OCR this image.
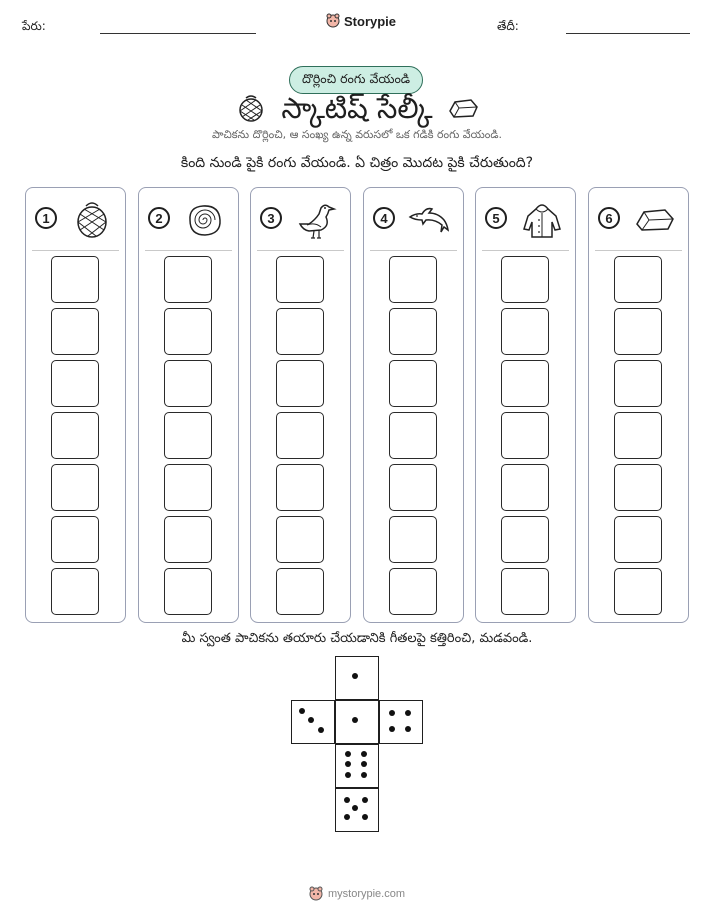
పేరు:	Storypie	తేదీ:
దొర్లించి రంగు వేయండి
స్కాటిష్ సేల్కీ
పాచికను దొర్లించి, ఆ సంఖ్య ఉన్న వరుసలో ఒక గడికి రంగు వేయండి.
కింది నుండి పైకి రంగు వేయండి. ఏ చిత్రం మొదట పైకి చేరుతుంది?
1	2	3	4	5	6
మీ స్వంత పాచికను తయారు చేయడానికి గీతలపై కత్తిరించి, మడవండి.
mystorypie.com
